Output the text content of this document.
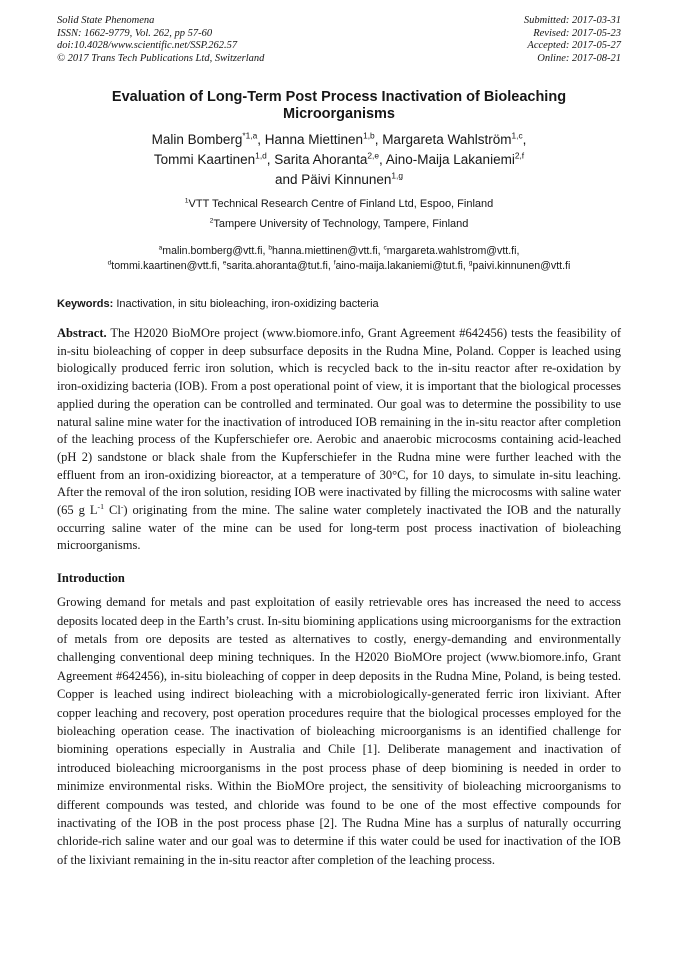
Solid State Phenomena
ISSN: 1662-9779, Vol. 262, pp 57-60
doi:10.4028/www.scientific.net/SSP.262.57
© 2017 Trans Tech Publications Ltd, Switzerland
Submitted: 2017-03-31
Revised: 2017-05-23
Accepted: 2017-05-27
Online: 2017-08-21
Evaluation of Long-Term Post Process Inactivation of Bioleaching Microorganisms
Malin Bomberg$^{*1,a}$, Hanna Miettinen$^{1,b}$, Margareta Wahlström$^{1,c}$,
Tommi Kaartinen$^{1,d}$, Sarita Ahoranta$^{2,e}$, Aino-Maija Lakaniemi$^{2,f}$
and Päivi Kinnunen$^{1,g}$
$^1$VTT Technical Research Centre of Finland Ltd, Espoo, Finland
$^2$Tampere University of Technology, Tampere, Finland
$^a$malin.bomberg@vtt.fi, $^b$hanna.miettinen@vtt.fi, $^c$margareta.wahlstrom@vtt.fi,
$^d$tommi.kaartinen@vtt.fi, $^e$sarita.ahoranta@tut.fi, $^f$aino-maija.lakaniemi@tut.fi, $^g$paivi.kinnunen@vtt.fi

Keywords: Inactivation, in situ bioleaching, iron-oxidizing bacteria

Abstract. The H2020 BioMOre project (www.biomore.info, Grant Agreement #642456) tests the feasibility of in-situ bioleaching of copper in deep subsurface deposits in the Rudna Mine, Poland. Copper is leached using biologically produced ferric iron solution, which is recycled back to the in-situ reactor after re-oxidation by iron-oxidizing bacteria (IOB). From a post operational point of view, it is important that the biological processes applied during the operation can be controlled and terminated. Our goal was to determine the possibility to use natural saline mine water for the inactivation of introduced IOB remaining in the in-situ reactor after completion of the leaching process of the Kupferschiefer ore. Aerobic and anaerobic microcosms containing acid-leached (pH 2) sandstone or black shale from the Kupferschiefer in the Rudna mine were further leached with the effluent from an iron-oxidizing bioreactor, at a temperature of 30°C, for 10 days, to simulate in-situ leaching. After the removal of the iron solution, residing IOB were inactivated by filling the microcosms with saline water (65 g $L^{-1}$ Cl-) originating from the mine. The saline water completely inactivated the IOB and the naturally occurring saline water of the mine can be used for long-term post process inactivation of bioleaching microorganisms.

Introduction

Growing demand for metals and past exploitation of easily retrievable ores has increased the need to access deposits located deep in the Earth’s crust. In-situ biomining applications using microorganisms for the extraction of metals from ore deposits are tested as alternatives to costly, energy-demanding and environmentally challenging conventional deep mining techniques. In the H2020 BioMOre project (www.biomore.info, Grant Agreement #642456), in-situ bioleaching of copper in deep deposits in the Rudna Mine, Poland, is being tested. Copper is leached using indirect bioleaching with a microbiologically-generated ferric iron lixiviant. After copper leaching and recovery, post operation procedures require that the biological processes employed for the bioleaching operation cease. The inactivation of bioleaching microorganisms is an identified challenge for biomining operations especially in Australia and Chile [1]. Deliberate management and inactivation of introduced bioleaching microorganisms in the post process phase of deep biomining is needed in order to minimize environmental risks. Within the BioMOre project, the sensitivity of bioleaching microorganisms to different compounds was tested, and chloride was found to be one of the most effective compounds for inactivating of the IOB in the post process phase [2]. The Rudna Mine has a surplus of naturally occurring chloride-rich saline water and our goal was to determine if this water could be used for inactivation of the IOB of the lixiviant remaining in the in-situ reactor after completion of the leaching process.
